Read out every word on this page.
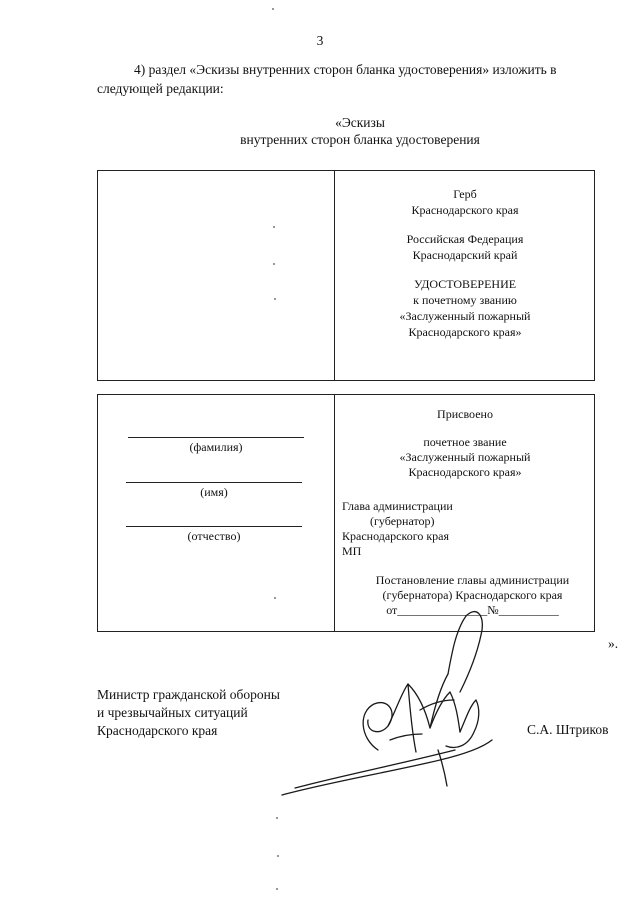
3
4) раздел «Эскизы внутренних сторон бланка удостоверения» изложить в
следующей редакции:
«Эскизы
внутренних сторон бланка удостоверения
Герб
Краснодарского края
Российская Федерация
Краснодарский край
УДОСТОВЕРЕНИЕ
к почетному званию
«Заслуженный пожарный
Краснодарского края»
(фамилия)
(имя)
(отчество)
Присвоено
почетное звание
«Заслуженный пожарный
Краснодарского края»
Глава администрации
(губернатор)
Краснодарского края
МП
Постановление главы администрации
(губернатора) Краснодарского края
от_______________№__________
».
Министр гражданской обороны
и чрезвычайных ситуаций
Краснодарского края	С.А. Штриков
